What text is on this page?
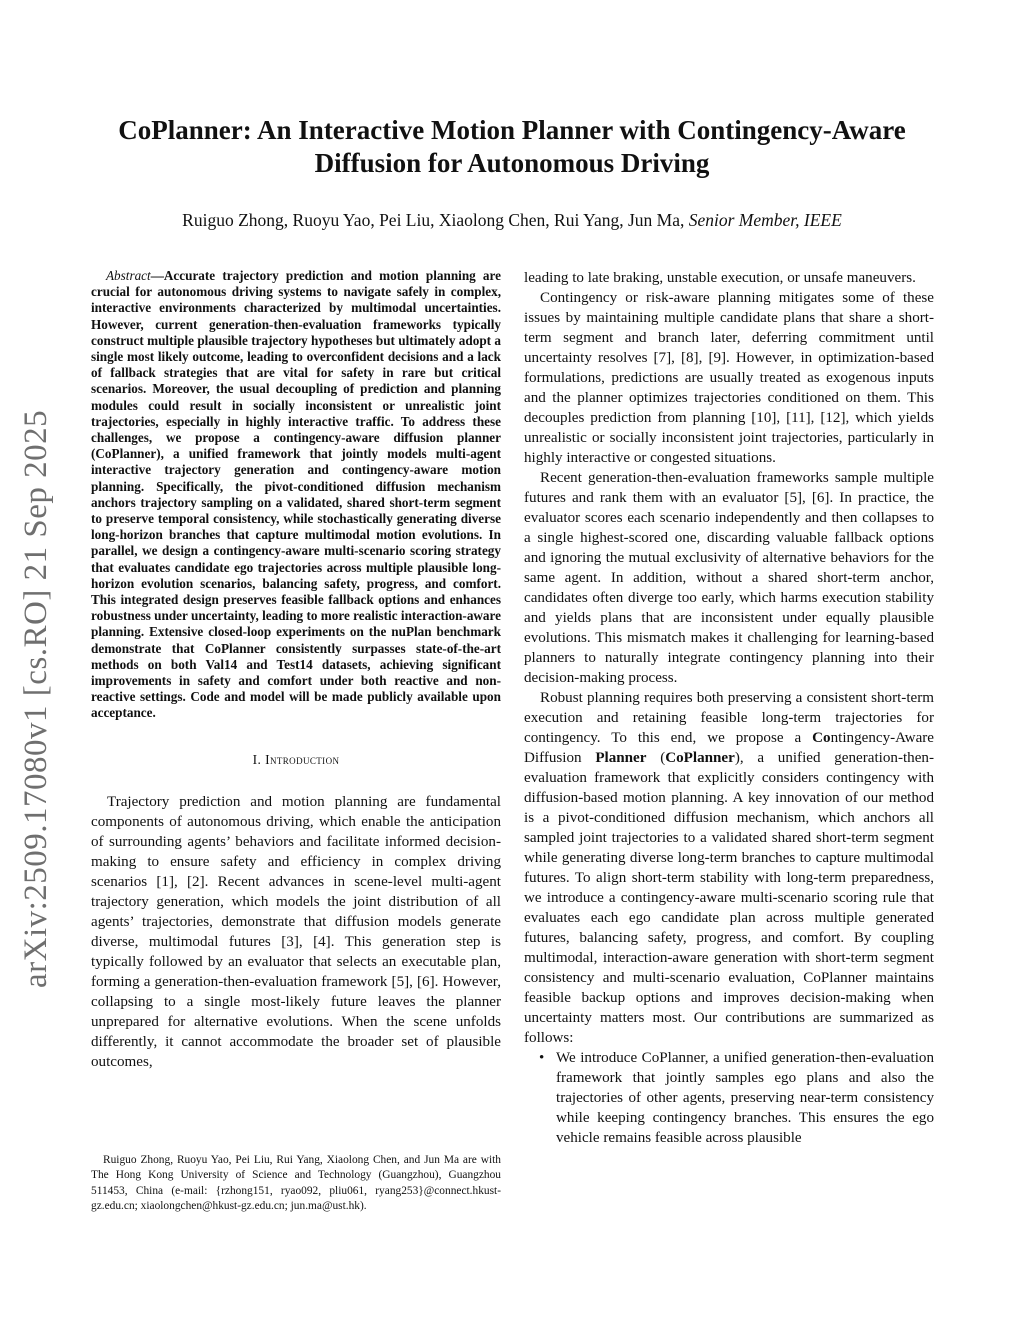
arXiv:2509.17080v1 [cs.RO] 21 Sep 2025
CoPlanner: An Interactive Motion Planner with Contingency-Aware
Diffusion for Autonomous Driving
Ruiguo Zhong, Ruoyu Yao, Pei Liu, Xiaolong Chen, Rui Yang, Jun Ma, Senior Member, IEEE

Abstract—Accurate trajectory prediction and motion planning are crucial for autonomous driving systems to navigate safely in complex, interactive environments characterized by multimodal uncertainties. However, current generation-then-evaluation frameworks typically construct multiple plausible trajectory hypotheses but ultimately adopt a single most likely outcome, leading to overconfident decisions and a lack of fallback strategies that are vital for safety in rare but critical scenarios. Moreover, the usual decoupling of prediction and planning modules could result in socially inconsistent or unrealistic joint trajectories, especially in highly interactive traffic. To address these challenges, we propose a contingency-aware diffusion planner (CoPlanner), a unified framework that jointly models multi-agent interactive trajectory generation and contingency-aware motion planning. Specifically, the pivot-conditioned diffusion mechanism anchors trajectory sampling on a validated, shared short-term segment to preserve temporal consistency, while stochastically generating diverse long-horizon branches that capture multimodal motion evolutions. In parallel, we design a contingency-aware multi-scenario scoring strategy that evaluates candidate ego trajectories across multiple plausible long-horizon evolution scenarios, balancing safety, progress, and comfort. This integrated design preserves feasible fallback options and enhances robustness under uncertainty, leading to more realistic interaction-aware planning. Extensive closed-loop experiments on the nuPlan benchmark demonstrate that CoPlanner consistently surpasses state-of-the-art methods on both Val14 and Test14 datasets, achieving significant improvements in safety and comfort under both reactive and non-reactive settings. Code and model will be made publicly available upon acceptance.

I. Introduction

Trajectory prediction and motion planning are fundamental components of autonomous driving, which enable the anticipation of surrounding agents’ behaviors and facilitate informed decision-making to ensure safety and efficiency in complex driving scenarios [1], [2]. Recent advances in scene-level multi-agent trajectory generation, which models the joint distribution of all agents’ trajectories, demonstrate that diffusion models generate diverse, multimodal futures [3], [4]. This generation step is typically followed by an evaluator that selects an executable plan, forming a generation-then-evaluation framework [5], [6]. However, collapsing to a single most-likely future leaves the planner unprepared for alternative evolutions. When the scene unfolds differently, it cannot accommodate the broader set of plausible outcomes,

Ruiguo Zhong, Ruoyu Yao, Pei Liu, Rui Yang, Xiaolong Chen, and Jun Ma are with The Hong Kong University of Science and Technology (Guangzhou), Guangzhou 511453, China (e-mail: {rzhong151, ryao092, pliu061, ryang253}@connect.hkust-gz.edu.cn; xiaolongchen@hkust-gz.edu.cn; jun.ma@ust.hk).

leading to late braking, unstable execution, or unsafe maneuvers.

Contingency or risk-aware planning mitigates some of these issues by maintaining multiple candidate plans that share a short-term segment and branch later, deferring commitment until uncertainty resolves [7], [8], [9]. However, in optimization-based formulations, predictions are usually treated as exogenous inputs and the planner optimizes trajectories conditioned on them. This decouples prediction from planning [10], [11], [12], which yields unrealistic or socially inconsistent joint trajectories, particularly in highly interactive or congested situations.

Recent generation-then-evaluation frameworks sample multiple futures and rank them with an evaluator [5], [6]. In practice, the evaluator scores each scenario independently and then collapses to a single highest-scored one, discarding valuable fallback options and ignoring the mutual exclusivity of alternative behaviors for the same agent. In addition, without a shared short-term anchor, candidates often diverge too early, which harms execution stability and yields plans that are inconsistent under equally plausible evolutions. This mismatch makes it challenging for learning-based planners to naturally integrate contingency planning into their decision-making process.

Robust planning requires both preserving a consistent short-term execution and retaining feasible long-term trajectories for contingency. To this end, we propose a Contingency-Aware Diffusion Planner (CoPlanner), a unified generation-then-evaluation framework that explicitly considers contingency with diffusion-based motion planning. A key innovation of our method is a pivot-conditioned diffusion mechanism, which anchors all sampled joint trajectories to a validated shared short-term segment while generating diverse long-term branches to capture multimodal futures. To align short-term stability with long-term preparedness, we introduce a contingency-aware multi-scenario scoring rule that evaluates each ego candidate plan across multiple generated futures, balancing safety, progress, and comfort. By coupling multimodal, interaction-aware generation with short-term segment consistency and multi-scenario evaluation, CoPlanner maintains feasible backup options and improves decision-making when uncertainty matters most. Our contributions are summarized as follows:

• We introduce CoPlanner, a unified generation-then-evaluation framework that jointly samples ego plans and also the trajectories of other agents, preserving near-term consistency while keeping contingency branches. This ensures the ego vehicle remains feasible across plausible
